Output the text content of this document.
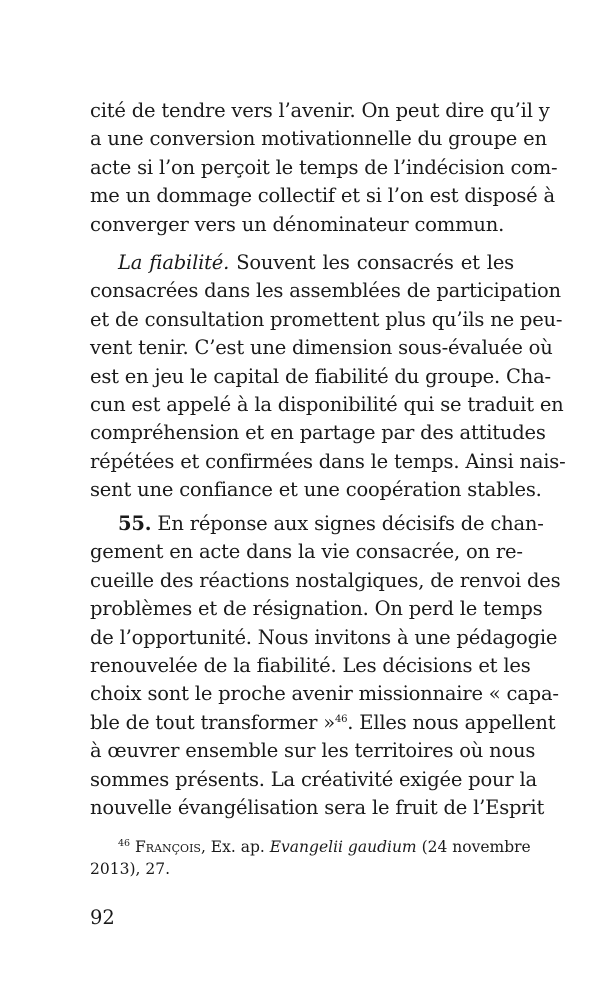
cité de tendre vers l’avenir. On peut dire qu’il y
a une conversion motivationnelle du groupe en
acte si l’on perçoit le temps de l’indécision com-
me un dommage collectif et si l’on est disposé à
converger vers un dénominateur commun.
La fiabilité. Souvent les consacrés et les
consacrées dans les assemblées de participation
et de consultation promettent plus qu’ils ne peu-
vent tenir. C’est une dimension sous-évaluée où
est en jeu le capital de fiabilité du groupe. Cha-
cun est appelé à la disponibilité qui se traduit en
compréhension et en partage par des attitudes
répétées et confirmées dans le temps. Ainsi nais-
sent une confiance et une coopération stables.
55. En réponse aux signes décisifs de chan-
gement en acte dans la vie consacrée, on re-
cueille des réactions nostalgiques, de renvoi des
problèmes et de résignation. On perd le temps
de l’opportunité. Nous invitons à une pédagogie
renouvelée de la fiabilité. Les décisions et les
choix sont le proche avenir missionnaire « capa-
ble de tout transformer »$^{46}$. Elles nous appellent
à œuvrer ensemble sur les territoires où nous
sommes présents. La créativité exigée pour la
nouvelle évangélisation sera le fruit de l’Esprit
$^{46}$ François, Ex. ap. Evangelii gaudium (24 novembre
2013), 27.
92
